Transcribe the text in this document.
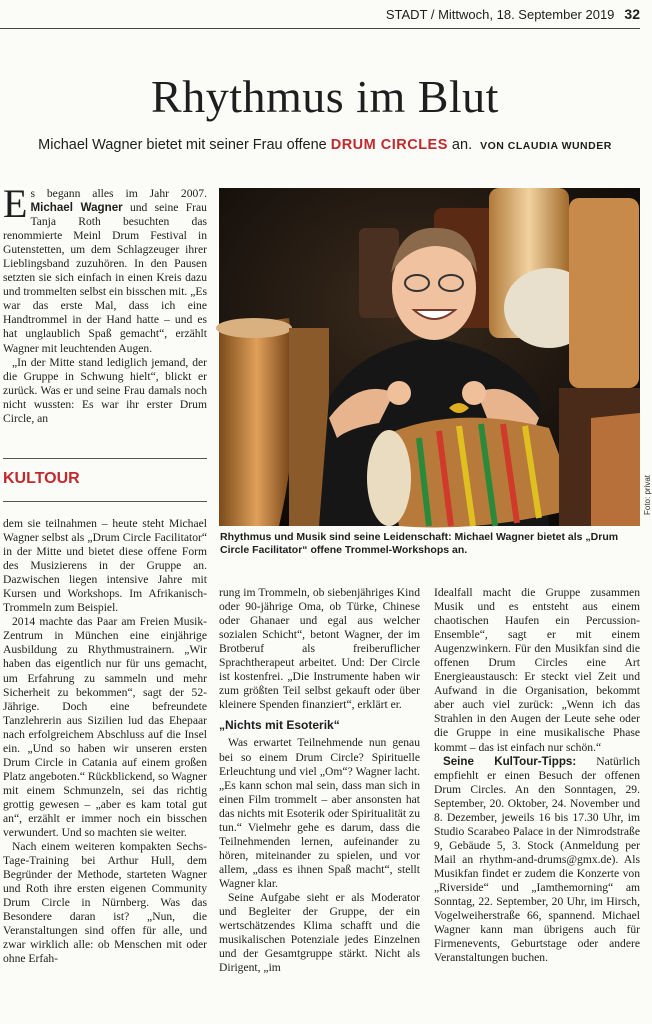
STADT / Mittwoch, 18. September 2019 32
Rhythmus im Blut
Michael Wagner bietet mit seiner Frau offene DRUM CIRCLES an. VON CLAUDIA WUNDER

Es begann alles im Jahr 2007. Michael Wagner und seine Frau Tanja Roth besuchten das renommierte Meinl Drum Festival in Gutenstetten, um dem Schlagzeuger ihrer Lieblingsband zuzuhören. In den Pausen setzten sie sich einfach in einen Kreis dazu und trommelten selbst ein bisschen mit. „Es war das erste Mal, dass ich eine Handtrommel in der Hand hatte – und es hat unglaublich Spaß gemacht“, erzählt Wagner mit leuchtenden Augen.

„In der Mitte stand lediglich jemand, der die Gruppe in Schwung hielt“, blickt er zurück. Was er und seine Frau damals noch nicht wussten: Es war ihr erster Drum Circle, an

KULTOUR

dem sie teilnahmen – heute steht Michael Wagner selbst als „Drum Circle Facilitator“ in der Mitte und bietet diese offene Form des Musizierens in der Gruppe an. Dazwischen liegen intensive Jahre mit Kursen und Workshops. Im Afrikanisch-Trommeln zum Beispiel.

2014 machte das Paar am Freien Musik-Zentrum in München eine einjährige Ausbildung zu Rhythmustrainern. „Wir haben das eigentlich nur für uns gemacht, um Erfahrung zu sammeln und mehr Sicherheit zu bekommen“, sagt der 52-Jährige. Doch eine befreundete Tanzlehrerin aus Sizilien lud das Ehepaar nach erfolgreichem Abschluss auf die Insel ein. „Und so haben wir unseren ersten Drum Circle in Catania auf einem großen Platz angeboten.“ Rückblickend, so Wagner mit einem Schmunzeln, sei das richtig grottig gewesen – „aber es kam total gut an“, erzählt er immer noch ein bisschen verwundert. Und so machten sie weiter.

Nach einem weiteren kompakten Sechs-Tage-Training bei Arthur Hull, dem Begründer der Methode, starteten Wagner und Roth ihre ersten eigenen Community Drum Circle in Nürnberg. Was das Besondere daran ist? „Nun, die Veranstaltungen sind offen für alle, und zwar wirklich alle: ob Menschen mit oder ohne Erfah-

Foto: privat
Rhythmus und Musik sind seine Leidenschaft: Michael Wagner bietet als „Drum Circle Facilitator“ offene Trommel-Workshops an.

rung im Trommeln, ob siebenjähriges Kind oder 90-jährige Oma, ob Türke, Chinese oder Ghanaer und egal aus welcher sozialen Schicht“, betont Wagner, der im Brotberuf als freiberuflicher Sprachtherapeut arbeitet. Und: Der Circle ist kostenfrei. „Die Instrumente haben wir zum größten Teil selbst gekauft oder über kleinere Spenden finanziert“, erklärt er.

„Nichts mit Esoterik“

Was erwartet Teilnehmende nun genau bei so einem Drum Circle? Spirituelle Erleuchtung und viel „Om“? Wagner lacht. „Es kann schon mal sein, dass man sich in einen Film trommelt – aber ansonsten hat das nichts mit Esoterik oder Spiritualität zu tun.“ Vielmehr gehe es darum, dass die Teilnehmenden lernen, aufeinander zu hören, miteinander zu spielen, und vor allem, „dass es ihnen Spaß macht“, stellt Wagner klar.

Seine Aufgabe sieht er als Moderator und Begleiter der Gruppe, der ein wertschätzendes Klima schafft und die musikalischen Potenziale jedes Einzelnen und der Gesamtgruppe stärkt. Nicht als Dirigent, „im

Idealfall macht die Gruppe zusammen Musik und es entsteht aus einem chaotischen Haufen ein Percussion-Ensemble“, sagt er mit einem Augenzwinkern. Für den Musikfan sind die offenen Drum Circles eine Art Energieaustausch: Er steckt viel Zeit und Aufwand in die Organisation, bekommt aber auch viel zurück: „Wenn ich das Strahlen in den Augen der Leute sehe oder die Gruppe in eine musikalische Phase kommt – das ist einfach nur schön.“

Seine KulTour-Tipps: Natürlich empfiehlt er einen Besuch der offenen Drum Circles. An den Sonntagen, 29. September, 20. Oktober, 24. November und 8. Dezember, jeweils 16 bis 17.30 Uhr, im Studio Scarabeo Palace in der Nimrodstraße 9, Gebäude 5, 3. Stock (Anmeldung per Mail an rhythm-and-drums@gmx.de). Als Musikfan findet er zudem die Konzerte von „Riverside“ und „Iamthemorning“ am Sonntag, 22. September, 20 Uhr, im Hirsch, Vogelweiherstraße 66, spannend. Michael Wagner kann man übrigens auch für Firmenevents, Geburtstage oder andere Veranstaltungen buchen.
